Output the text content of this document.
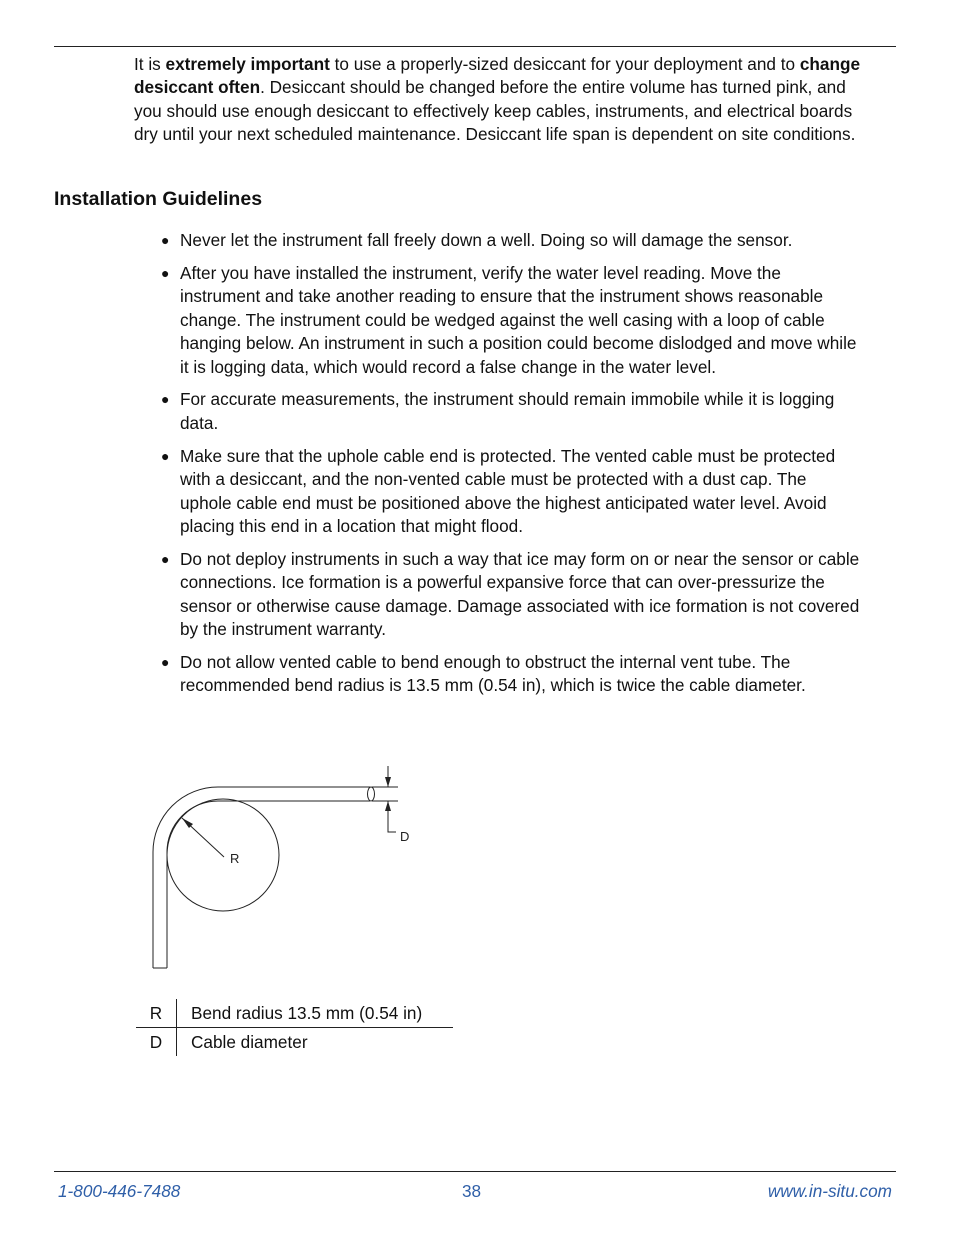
It is extremely important to use a properly-sized desiccant for your deployment and to change desiccant often. Desiccant should be changed before the entire volume has turned pink, and you should use enough desiccant to effectively keep cables, instruments, and electrical boards dry until your next scheduled maintenance. Desiccant life span is dependent on site conditions.
Installation Guidelines
● Never let the instrument fall freely down a well. Doing so will damage the sensor.
● After you have installed the instrument, verify the water level reading. Move the instrument and take another reading to ensure that the instrument shows reasonable change. The instrument could be wedged against the well casing with a loop of cable hanging below. An instrument in such a position could become dislodged and move while it is logging data, which would record a false change in the water level.
● For accurate measurements, the instrument should remain immobile while it is logging data.
● Make sure that the uphole cable end is protected. The vented cable must be protected with a desiccant, and the non-vented cable must be protected with a dust cap. The uphole cable end must be positioned above the highest anticipated water level. Avoid placing this end in a location that might flood.
● Do not deploy instruments in such a way that ice may form on or near the sensor or cable connections. Ice formation is a powerful expansive force that can over-pressurize the sensor or otherwise cause damage. Damage associated with ice formation is not covered by the instrument warranty.
● Do not allow vented cable to bend enough to obstruct the internal vent tube. The recommended bend radius is 13.5 mm (0.54 in), which is twice the cable diameter.
R
D
R	Bend radius 13.5 mm (0.54 in)
D	Cable diameter
1-800-446-7488	38	www.in-situ.com
